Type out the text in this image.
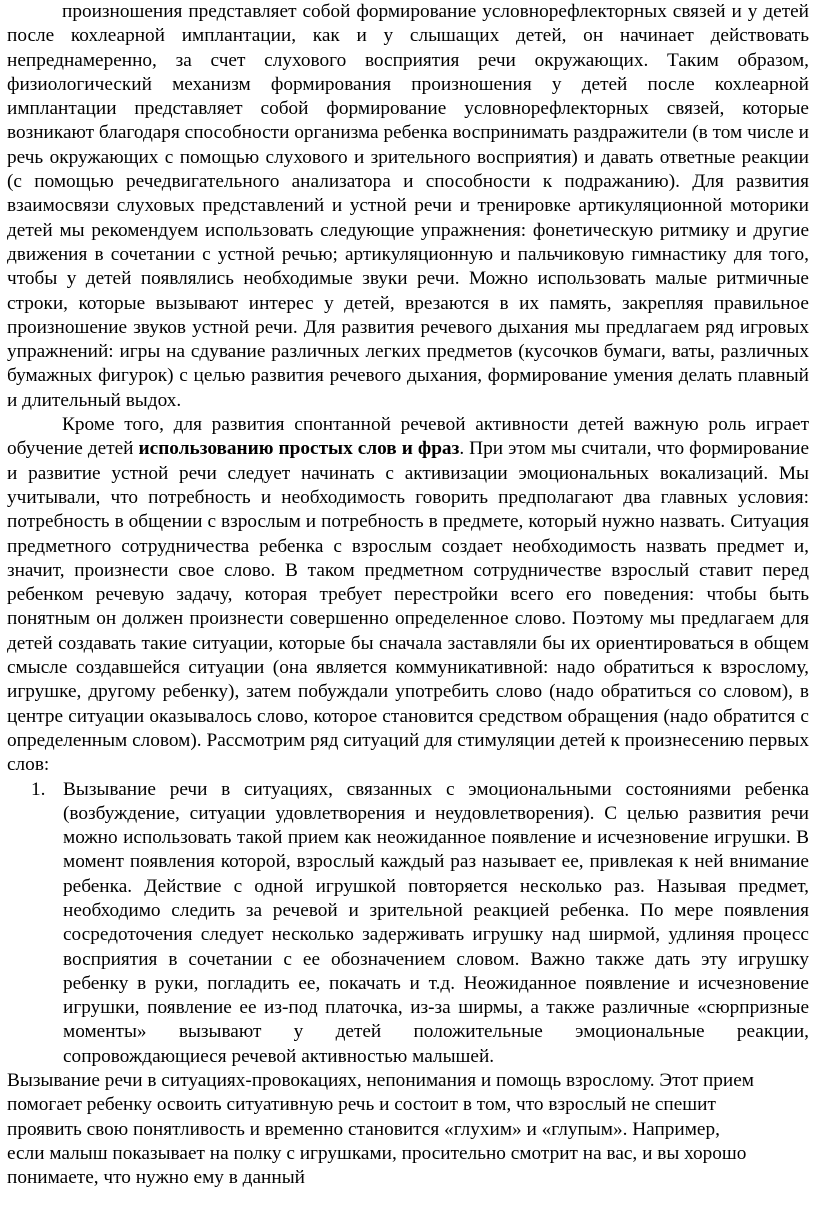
произношения представляет собой формирование условнорефлекторных связей и у детей после кохлеарной имплантации, как и у слышащих детей, он начинает действовать непреднамеренно, за счет слухового восприятия речи окружающих. Таким образом, физиологический механизм формирования произношения у детей после кохлеарной имплантации представляет собой формирование условнорефлекторных связей, которые возникают благодаря способности организма ребенка воспринимать раздражители (в том числе и речь окружающих с помощью слухового и зрительного восприятия) и давать ответные реакции (с помощью речедвигательного анализатора и способности к подражанию). Для развития взаимосвязи слуховых представлений и устной речи и тренировке артикуляционной моторики детей мы рекомендуем использовать следующие упражнения: фонетическую ритмику и другие движения в сочетании с устной речью; артикуляционную и пальчиковую гимнастику для того, чтобы у детей появлялись необходимые звуки речи. Можно использовать малые ритмичные строки, которые вызывают интерес у детей, врезаются в их память, закрепляя правильное произношение звуков устной речи. Для развития речевого дыхания мы предлагаем ряд игровых упражнений: игры на сдувание различных легких предметов (кусочков бумаги, ваты, различных бумажных фигурок) с целью развития речевого дыхания, формирование умения делать плавный и длительный выдох.

Кроме того, для развития спонтанной речевой активности детей важную роль играет обучение детей использованию простых слов и фраз. При этом мы считали, что формирование и развитие устной речи следует начинать с активизации эмоциональных вокализаций. Мы учитывали, что потребность и необходимость говорить предполагают два главных условия: потребность в общении с взрослым и потребность в предмете, который нужно назвать. Ситуация предметного сотрудничества ребенка с взрослым создает необходимость назвать предмет и, значит, произнести свое слово. В таком предметном сотрудничестве взрослый ставит перед ребенком речевую задачу, которая требует перестройки всего его поведения: чтобы быть понятным он должен произнести совершенно определенное слово. Поэтому мы предлагаем для детей создавать такие ситуации, которые бы сначала заставляли бы их ориентироваться в общем смысле создавшейся ситуации (она является коммуникативной: надо обратиться к взрослому, игрушке, другому ребенку), затем побуждали употребить слово (надо обратиться со словом), в центре ситуации оказывалось слово, которое становится средством обращения (надо обратится с определенным словом). Рассмотрим ряд ситуаций для стимуляции детей к произнесению первых слов:

1. Вызывание речи в ситуациях, связанных с эмоциональными состояниями ребенка (возбуждение, ситуации удовлетворения и неудовлетворения). С целью развития речи можно использовать такой прием как неожиданное появление и исчезновение игрушки. В момент появления которой, взрослый каждый раз называет ее, привлекая к ней внимание ребенка. Действие с одной игрушкой повторяется несколько раз. Называя предмет, необходимо следить за речевой и зрительной реакцией ребенка. По мере появления сосредоточения следует несколько задерживать игрушку над ширмой, удлиняя процесс восприятия в сочетании с ее обозначением словом. Важно также дать эту игрушку ребенку в руки, погладить ее, покачать и т.д. Неожиданное появление и исчезновение игрушки, появление ее из-под платочка, из-за ширмы, а также различные «сюрпризные моменты» вызывают у детей положительные эмоциональные реакции, сопровождающиеся речевой активностью малышей.

Вызывание речи в ситуациях-провокациях, непонимания и помощь взрослому. Этот прием
помогает ребенку освоить ситуативную речь и состоит в том, что взрослый не спешит
проявить свою понятливость и временно становится «глухим» и «глупым». Например,
если малыш показывает на полку с игрушками, просительно смотрит на вас, и вы хорошо
понимаете, что нужно ему в данный
